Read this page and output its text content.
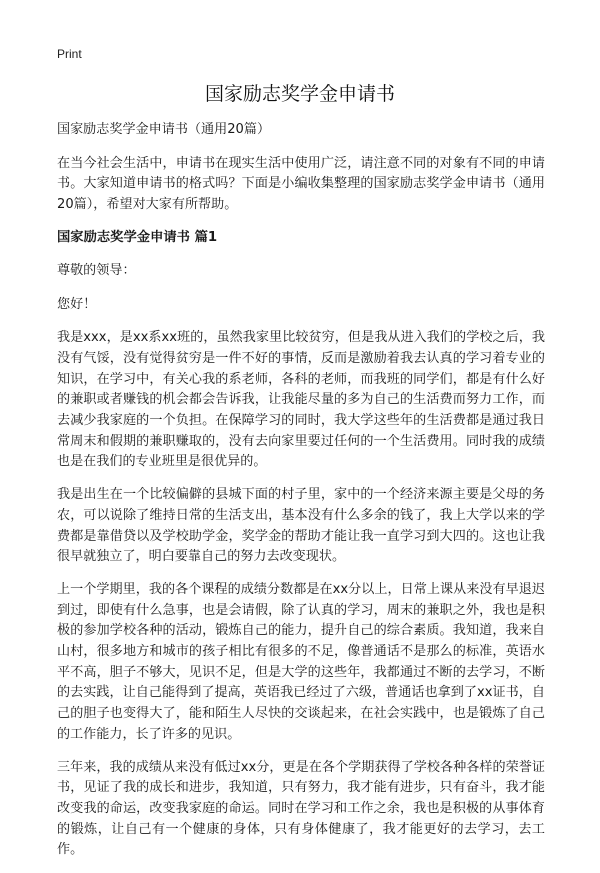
Print
国家励志奖学金申请书

国家励志奖学金申请书（通用20篇）

在当今社会生活中，申请书在现实生活中使用广泛，请注意不同的对象有不同的申请书。大家知道申请书的格式吗？下面是小编收集整理的国家励志奖学金申请书（通用20篇），希望对大家有所帮助。

国家励志奖学金申请书 篇1

尊敬的领导：

您好！

我是xxx，是xx系xx班的，虽然我家里比较贫穷，但是我从进入我们的学校之后，我没有气馁，没有觉得贫穷是一件不好的事情，反而是激励着我去认真的学习着专业的知识，在学习中，有关心我的系老师，各科的老师，而我班的同学们，都是有什么好的兼职或者赚钱的机会都会告诉我，让我能尽量的多为自己的生活费而努力工作，而去减少我家庭的一个负担。在保障学习的同时，我大学这些年的生活费都是通过我日常周末和假期的兼职赚取的，没有去向家里要过任何的一个生活费用。同时我的成绩也是在我们的专业班里是很优异的。

我是出生在一个比较偏僻的县城下面的村子里，家中的一个经济来源主要是父母的务农，可以说除了维持日常的生活支出，基本没有什么多余的钱了，我上大学以来的学费都是靠借贷以及学校助学金，奖学金的帮助才能让我一直学习到大四的。这也让我很早就独立了，明白要靠自己的努力去改变现状。

上一个学期里，我的各个课程的成绩分数都是在xx分以上，日常上课从来没有早退迟到过，即使有什么急事，也是会请假，除了认真的学习，周末的兼职之外，我也是积极的参加学校各种的活动，锻炼自己的能力，提升自己的综合素质。我知道，我来自山村，很多地方和城市的孩子相比有很多的不足，像普通话不是那么的标准，英语水平不高，胆子不够大，见识不足，但是大学的这些年，我都通过不断的去学习，不断的去实践，让自己能得到了提高，英语我已经过了六级，普通话也拿到了xx证书，自己的胆子也变得大了，能和陌生人尽快的交谈起来，在社会实践中，也是锻炼了自己的工作能力，长了许多的见识。

三年来，我的成绩从来没有低过xx分，更是在各个学期获得了学校各种各样的荣誉证书，见证了我的成长和进步，我知道，只有努力，我才能有进步，只有奋斗，我才能改变我的命运，改变我家庭的命运。同时在学习和工作之余，我也是积极的从事体育的锻炼，让自己有一个健康的身体，只有身体健康了，我才能更好的去学习，去工作。
